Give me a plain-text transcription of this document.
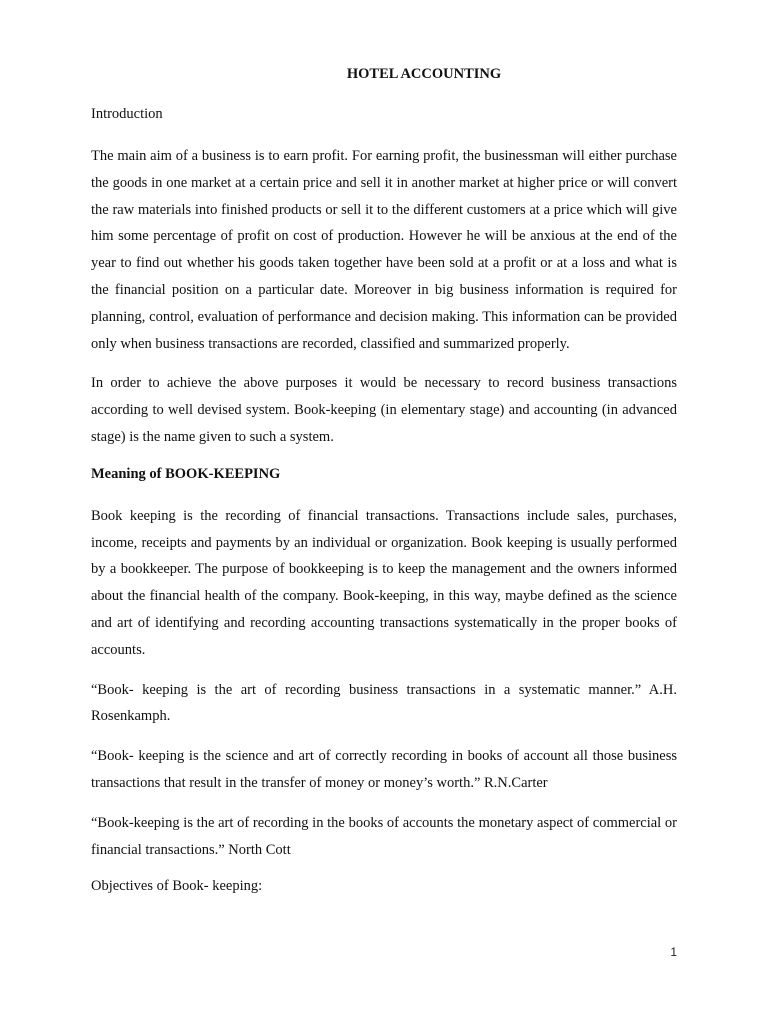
HOTEL ACCOUNTING
Introduction

The main aim of a business is to earn profit. For earning profit, the businessman will either purchase the goods in one market at a certain price and sell it in another market at higher price or will convert the raw materials into finished products or sell it to the different customers at a price which will give him some percentage of profit on cost of production. However he will be anxious at the end of the year to find out whether his goods taken together have been sold at a profit or at a loss and what is the financial position on a particular date. Moreover in big business information is required for planning, control, evaluation of performance and decision making. This information can be provided only when business transactions are recorded, classified and summarized properly.

In order to achieve the above purposes it would be necessary to record business transactions according to well devised system. Book-keeping (in elementary stage) and accounting (in advanced stage) is the name given to such a system.

Meaning of BOOK-KEEPING

Book keeping is the recording of financial transactions. Transactions include sales, purchases, income, receipts and payments by an individual or organization. Book keeping is usually performed by a bookkeeper. The purpose of bookkeeping is to keep the management and the owners informed about the financial health of the company. Book-keeping, in this way, maybe defined as the science and art of identifying and recording accounting transactions systematically in the proper books of accounts.

“Book- keeping is the art of recording business transactions in a systematic manner.” A.H. Rosenkamph.

“Book- keeping is the science and art of correctly recording in books of account all those business transactions that result in the transfer of money or money’s worth.” R.N.Carter

“Book-keeping is the art of recording in the books of accounts the monetary aspect of commercial or financial transactions.” North Cott

Objectives of Book- keeping:
1
